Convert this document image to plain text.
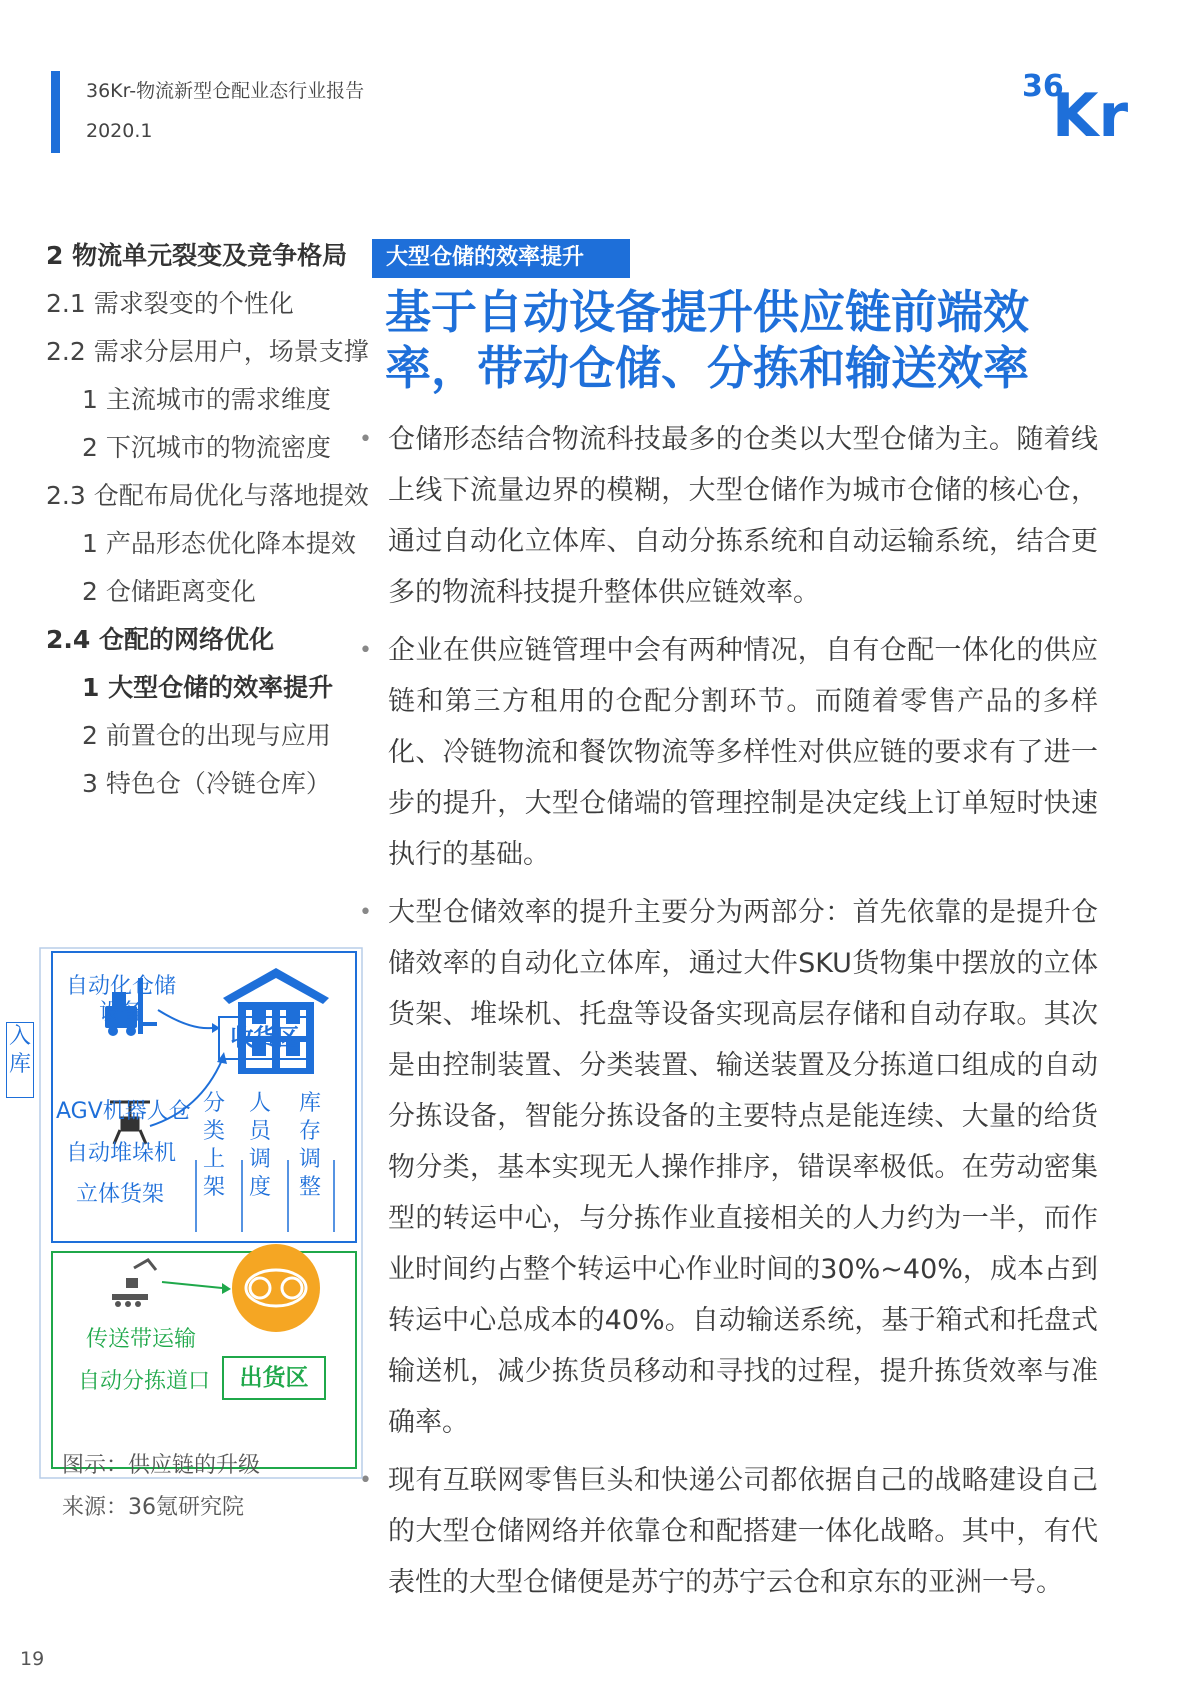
36Kr-物流新型仓配业态行业报告
2020.1
36
Kr
2 物流单元裂变及竞争格局
2.1 需求裂变的个性化
2.2 需求分层用户，场景支撑
1 主流城市的需求维度
2 下沉城市的物流密度
2.3 仓配布局优化与落地提效
1 产品形态优化降本提效
2 仓储距离变化
2.4 仓配的网络优化
1 大型仓储的效率提升
2 前置仓的出现与应用
3 特色仓（冷链仓库）
大型仓储的效率提升
基于自动设备提升供应链前端效
率，带动仓储、分拣和输送效率
• 仓储形态结合物流科技最多的仓类以大型仓储为主。随着线上线下流量边界的模糊，大型仓储作为城市仓储的核心仓，通过自动化立体库、自动分拣系统和自动运输系统，结合更多的物流科技提升整体供应链效率。
• 企业在供应链管理中会有两种情况，自有仓配一体化的供应链和第三方租用的仓配分割环节。而随着零售产品的多样化、冷链物流和餐饮物流等多样性对供应链的要求有了进一步的提升，大型仓储端的管理控制是决定线上订单短时快速执行的基础。
• 大型仓储效率的提升主要分为两部分：首先依靠的是提升仓储效率的自动化立体库，通过大件SKU货物集中摆放的立体货架、堆垛机、托盘等设备实现高层存储和自动存取。其次是由控制装置、分类装置、输送装置及分拣道口组成的自动分拣设备，智能分拣设备的主要特点是能连续、大量的给货物分类，基本实现无人操作排序，错误率极低。在劳动密集型的转运中心，与分拣作业直接相关的人力约为一半，而作业时间约占整个转运中心作业时间的30%~40%，成本占到转运中心总成本的40%。自动输送系统，基于箱式和托盘式输送机，减少拣货员移动和寻找的过程，提升拣货效率与准确率。
• 现有互联网零售巨头和快递公司都依据自己的战略建设自己的大型仓储网络并依靠仓和配搭建一体化战略。其中，有代表性的大型仓储便是苏宁的苏宁云仓和京东的亚洲一号。
入库
自动化仓储设备
收货区
AGV机器人仓
自动堆垛机
立体货架
分类上架
人员调度
库存调整
传送带运输
自动分拣道口	出货区
图示：供应链的升级
来源：36氪研究院
19
